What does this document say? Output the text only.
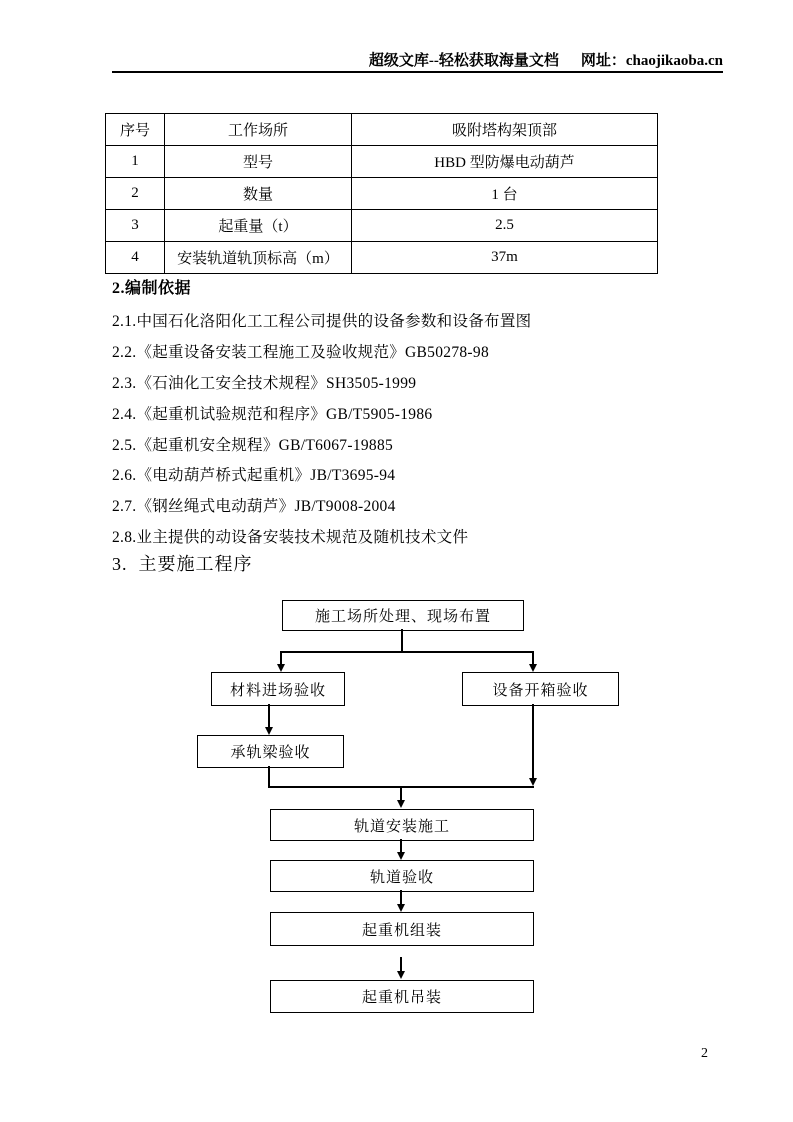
超级文库--轻松获取海量文档 网址：chaojikaoba.cn
序号	工作场所	吸附塔构架顶部
1	型号	HBD 型防爆电动葫芦
2	数量	1 台
3	起重量（t）	2.5
4	安装轨道轨顶标高（m）	37m
2.编制依据
2.1.中国石化洛阳化工工程公司提供的设备参数和设备布置图
2.2.《起重设备安装工程施工及验收规范》GB50278-98
2.3.《石油化工安全技术规程》SH3505-1999
2.4.《起重机试验规范和程序》GB/T5905-1986
2.5.《起重机安全规程》GB/T6067-19885
2.6.《电动葫芦桥式起重机》JB/T3695-94
2.7.《钢丝绳式电动葫芦》JB/T9008-2004
2.8.业主提供的动设备安装技术规范及随机技术文件
3.  主要施工程序
施工场所处理、现场布置
材料进场验收	设备开箱验收
承轨梁验收
轨道安装施工
轨道验收
起重机组装
起重机吊装
2
